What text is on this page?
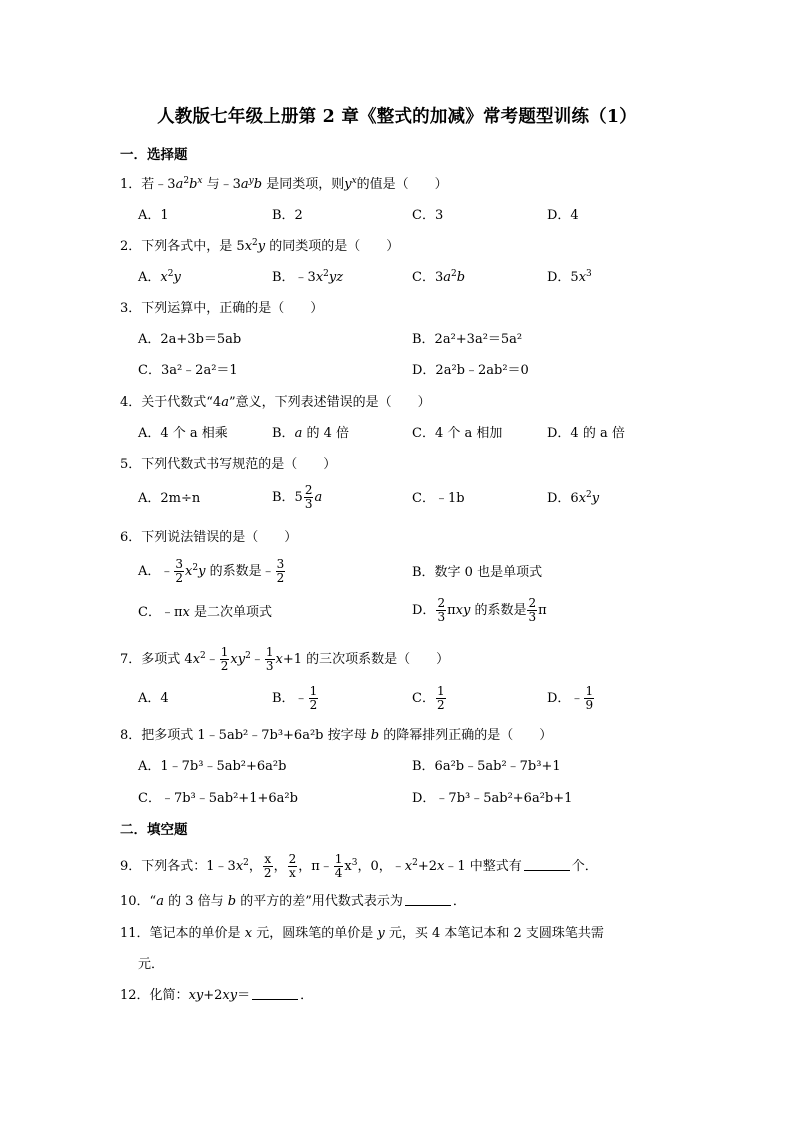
人教版七年级上册第 2 章《整式的加减》常考题型训练（1）
一．选择题
1．若$﹣3a^2b^x$ 与$﹣3a^yb$ 是同类项，则$y^x$的值是（　　）
A．1	B．2	C．3	D．4
2．下列各式中，是 $5x^2y$ 的同类项的是（　　）
A．$x^2y$	B．$﹣3x^2yz$	C．$3a^2b$	D．$5x^3$
3．下列运算中，正确的是（　　）
A．2a+3b＝5ab	B．2a²+3a²＝5a²
C．3a²﹣2a²＝1	D．2a²b﹣2ab²＝0
4．关于代数式“4a”意义，下列表述错误的是（　　）
A．4 个 a 相乘	B．a 的 4 倍	C．4 个 a 相加	D．4 的 a 倍
5．下列代数式书写规范的是（　　）
A．2m÷n	B．$5 \frac{2}{3}$ a	C．﹣1b	D．$6x^2y$
6．下列说法错误的是（　　）
A．﹣ $\frac{3}{2} x^2y$ 的系数是﹣ $\frac{3}{2}$	B．数字 0 也是单项式
C．﹣πx 是二次单项式	D． $\frac{2}{3}$ πxy 的系数是 $\frac{2}{3}$ π
7．多项式 $4x^2﹣ \frac{1}{2}$ $xy^2﹣ \frac{1}{3} x+1$ 的三次项系数是（　　）
A．4	B．﹣ $\frac{1}{2}$	C． $\frac{1}{2}$	D．﹣ $\frac{1}{9}$
8．把多项式 1﹣5ab²﹣7b³+6a²b 按字母 b 的降幂排列正确的是（　　）
A．1﹣7b³﹣5ab²+6a²b	B．6a²b﹣5ab²﹣7b³+1
C．﹣7b³﹣5ab²+1+6a²b	D．﹣7b³﹣5ab²+6a²b+1
二．填空题
9．下列各式：$1﹣3x^2$， $\frac{x}{2}$ ， $\frac{2}{x}$ ，π﹣ $\frac{1}{4} x^3$，0，$﹣x^2+2x﹣1$ 中整式有	个．
10．“a 的 3 倍与 b 的平方的差”用代数式表示为	．
11．笔记本的单价是 x 元，圆珠笔的单价是 y 元，买 4 本笔记本和 2 支圆珠笔共需
元．
12．化简：xy+2xy＝	．
